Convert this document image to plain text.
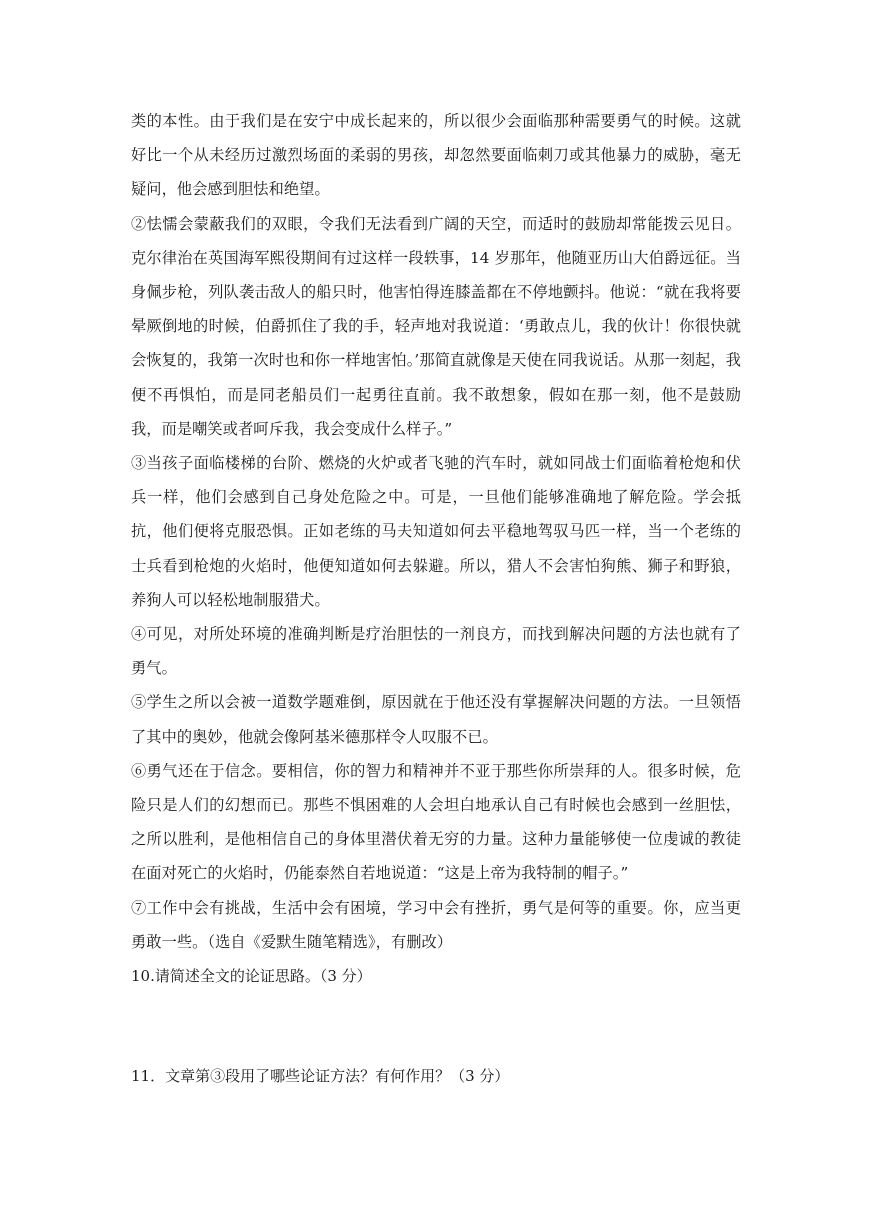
类的本性。由于我们是在安宁中成长起来的，所以很少会面临那种需要勇气的时候。这就好比一个从未经历过激烈场面的柔弱的男孩，却忽然要面临刺刀或其他暴力的威胁，毫无疑问，他会感到胆怯和绝望。

②怯懦会蒙蔽我们的双眼，令我们无法看到广阔的天空，而适时的鼓励却常能拨云见日。克尔律治在英国海军熙役期间有过这样一段轶事，14 岁那年，他随亚历山大伯爵远征。当身佩步枪，列队袭击敌人的船只时，他害怕得连膝盖都在不停地颤抖。他说：“就在我将要晕厥倒地的时候，伯爵抓住了我的手，轻声地对我说道：‘勇敢点儿，我的伙计！你很快就会恢复的，我第一次时也和你一样地害怕。’那简直就像是天使在同我说话。从那一刻起，我便不再惧怕，而是同老船员们一起勇往直前。我不敢想象，假如在那一刻，他不是鼓励我，而是嘲笑或者呵斥我，我会变成什么样子。”

③当孩子面临楼梯的台阶、燃烧的火炉或者飞驰的汽车时，就如同战士们面临着枪炮和伏兵一样，他们会感到自己身处危险之中。可是，一旦他们能够准确地了解危险。学会抵抗，他们便将克服恐惧。正如老练的马夫知道如何去平稳地驾驭马匹一样，当一个老练的士兵看到枪炮的火焰时，他便知道如何去躲避。所以，猎人不会害怕狗熊、狮子和野狼，养狗人可以轻松地制服猎犬。

④可见，对所处环境的准确判断是疗治胆怯的一剂良方，而找到解决问题的方法也就有了勇气。

⑤学生之所以会被一道数学题难倒，原因就在于他还没有掌握解决问题的方法。一旦领悟了其中的奥妙，他就会像阿基米德那样令人叹服不已。

⑥勇气还在于信念。要相信，你的智力和精神并不亚于那些你所崇拜的人。很多时候，危险只是人们的幻想而已。那些不惧困难的人会坦白地承认自己有时候也会感到一丝胆怯，之所以胜利，是他相信自己的身体里潜伏着无穷的力量。这种力量能够使一位虔诚的教徒在面对死亡的火焰时，仍能泰然自若地说道：“这是上帝为我特制的帽子。”

⑦工作中会有挑战，生活中会有困境，学习中会有挫折，勇气是何等的重要。你，应当更勇敢一些。（选自《爱默生随笔精选》，有删改）

10.请简述全文的论证思路。（3 分）

11．文章第③段用了哪些论证方法？有何作用？（3 分）
